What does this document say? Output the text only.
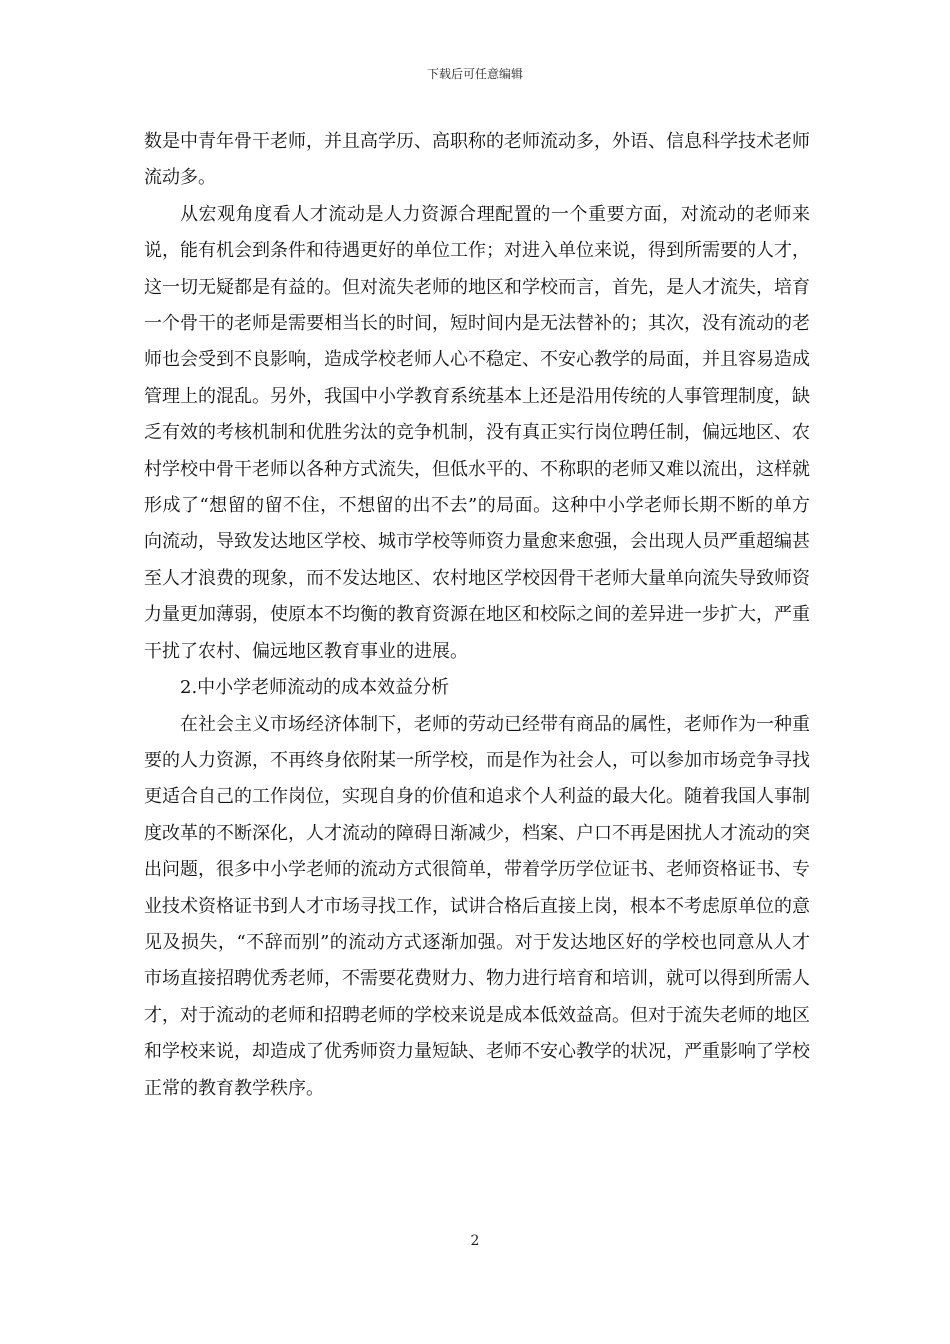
下载后可任意编辑

数是中青年骨干老师，并且高学历、高职称的老师流动多，外语、信息科学技术老师流动多。

从宏观角度看人才流动是人力资源合理配置的一个重要方面，对流动的老师来说，能有机会到条件和待遇更好的单位工作；对进入单位来说，得到所需要的人才，这一切无疑都是有益的。但对流失老师的地区和学校而言，首先，是人才流失，培育一个骨干的老师是需要相当长的时间，短时间内是无法替补的；其次，没有流动的老师也会受到不良影响，造成学校老师人心不稳定、不安心教学的局面，并且容易造成管理上的混乱。另外，我国中小学教育系统基本上还是沿用传统的人事管理制度，缺乏有效的考核机制和优胜劣汰的竞争机制，没有真正实行岗位聘任制，偏远地区、农村学校中骨干老师以各种方式流失，但低水平的、不称职的老师又难以流出，这样就形成了“想留的留不住，不想留的出不去”的局面。这种中小学老师长期不断的单方向流动，导致发达地区学校、城市学校等师资力量愈来愈强，会出现人员严重超编甚至人才浪费的现象，而不发达地区、农村地区学校因骨干老师大量单向流失导致师资力量更加薄弱，使原本不均衡的教育资源在地区和校际之间的差异进一步扩大，严重干扰了农村、偏远地区教育事业的进展。

2.中小学老师流动的成本效益分析

在社会主义市场经济体制下，老师的劳动已经带有商品的属性，老师作为一种重要的人力资源，不再终身依附某一所学校，而是作为社会人，可以参加市场竞争寻找更适合自己的工作岗位，实现自身的价值和追求个人利益的最大化。随着我国人事制度改革的不断深化，人才流动的障碍日渐减少，档案、户口不再是困扰人才流动的突出问题，很多中小学老师的流动方式很简单，带着学历学位证书、老师资格证书、专业技术资格证书到人才市场寻找工作，试讲合格后直接上岗，根本不考虑原单位的意见及损失，“不辞而别”的流动方式逐渐加强。对于发达地区好的学校也同意从人才市场直接招聘优秀老师，不需要花费财力、物力进行培育和培训，就可以得到所需人才，对于流动的老师和招聘老师的学校来说是成本低效益高。但对于流失老师的地区和学校来说，却造成了优秀师资力量短缺、老师不安心教学的状况，严重影响了学校正常的教育教学秩序。

2
